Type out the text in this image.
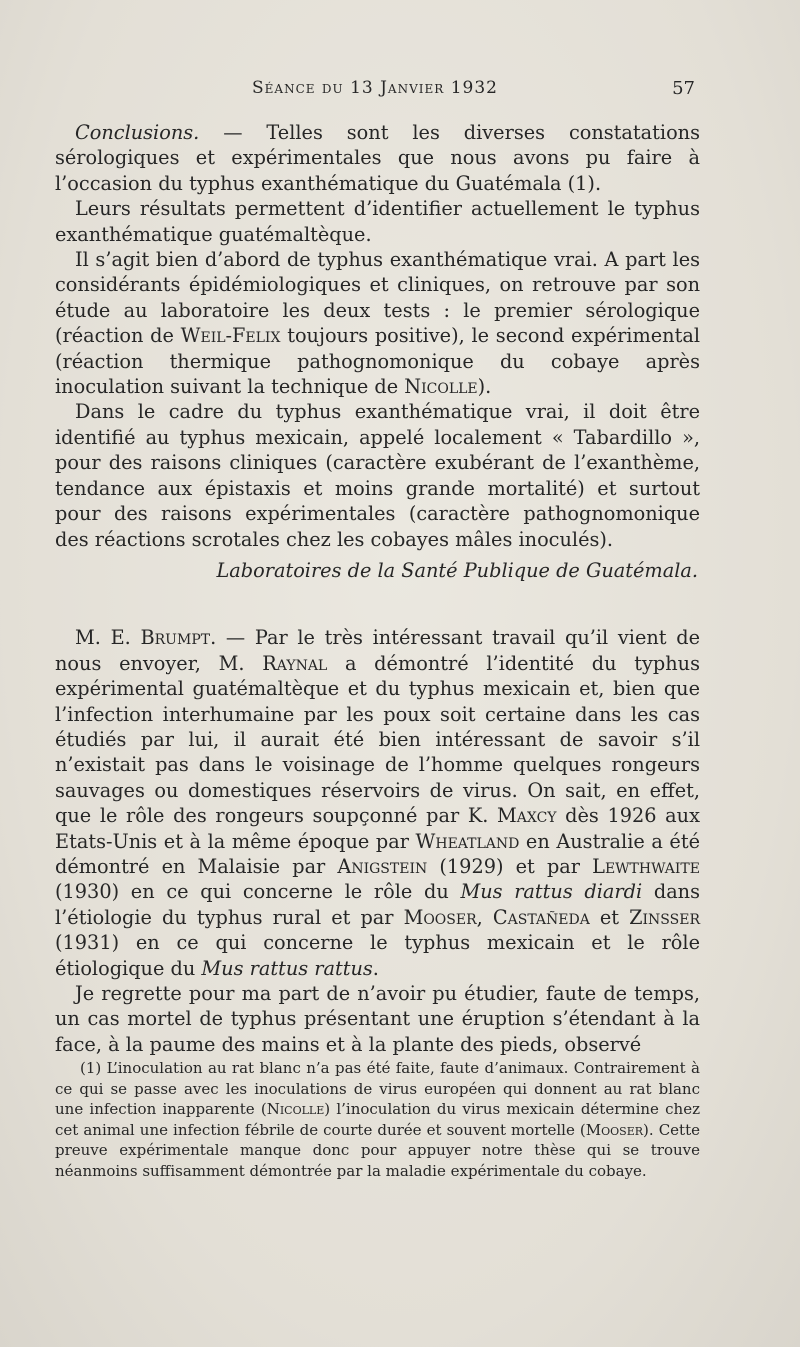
Séance du 13 Janvier 1932	57

Conclusions. — Telles sont les diverses constatations sérologiques et expérimentales que nous avons pu faire à l’occasion du typhus exanthématique du Guatémala (1).

Leurs résultats permettent d’identifier actuellement le typhus exanthématique guatémaltèque.

Il s’agit bien d’abord de typhus exanthématique vrai. A part les considérants épidémiologiques et cliniques, on retrouve par son étude au laboratoire les deux tests : le premier sérologique (réaction de Weil-Felix toujours positive), le second expérimental (réaction thermique pathognomonique du cobaye après inoculation suivant la technique de Nicolle).

Dans le cadre du typhus exanthématique vrai, il doit être identifié au typhus mexicain, appelé localement « Tabardillo », pour des raisons cliniques (caractère exubérant de l’exanthème, tendance aux épistaxis et moins grande mortalité) et surtout pour des raisons expérimentales (caractère pathognomonique des réactions scrotales chez les cobayes mâles inoculés).

Laboratoires de la Santé Publique de Guatémala.

M. E. Brumpt. — Par le très intéressant travail qu’il vient de nous envoyer, M. Raynal a démontré l’identité du typhus expérimental guatémaltèque et du typhus mexicain et, bien que l’infection interhumaine par les poux soit certaine dans les cas étudiés par lui, il aurait été bien intéressant de savoir s’il n’existait pas dans le voisinage de l’homme quelques rongeurs sauvages ou domestiques réservoirs de virus. On sait, en effet, que le rôle des rongeurs soupçonné par K. Maxcy dès 1926 aux Etats-Unis et à la même époque par Wheatland en Australie a été démontré en Malaisie par Anigstein (1929) et par Lewthwaite (1930) en ce qui concerne le rôle du Mus rattus diardi dans l’étiologie du typhus rural et par Mooser, Castañeda et Zinsser (1931) en ce qui concerne le typhus mexicain et le rôle étiologique du Mus rattus rattus.

Je regrette pour ma part de n’avoir pu étudier, faute de temps, un cas mortel de typhus présentant une éruption s’étendant à la face, à la paume des mains et à la plante des pieds, observé

(1) L’inoculation au rat blanc n’a pas été faite, faute d’animaux. Contrairement à ce qui se passe avec les inoculations de virus européen qui donnent au rat blanc une infection inapparente (Nicolle) l’inoculation du virus mexicain détermine chez cet animal une infection fébrile de courte durée et souvent mortelle (Mooser). Cette preuve expérimentale manque donc pour appuyer notre thèse qui se trouve néanmoins suffisamment démontrée par la maladie expérimentale du cobaye.
